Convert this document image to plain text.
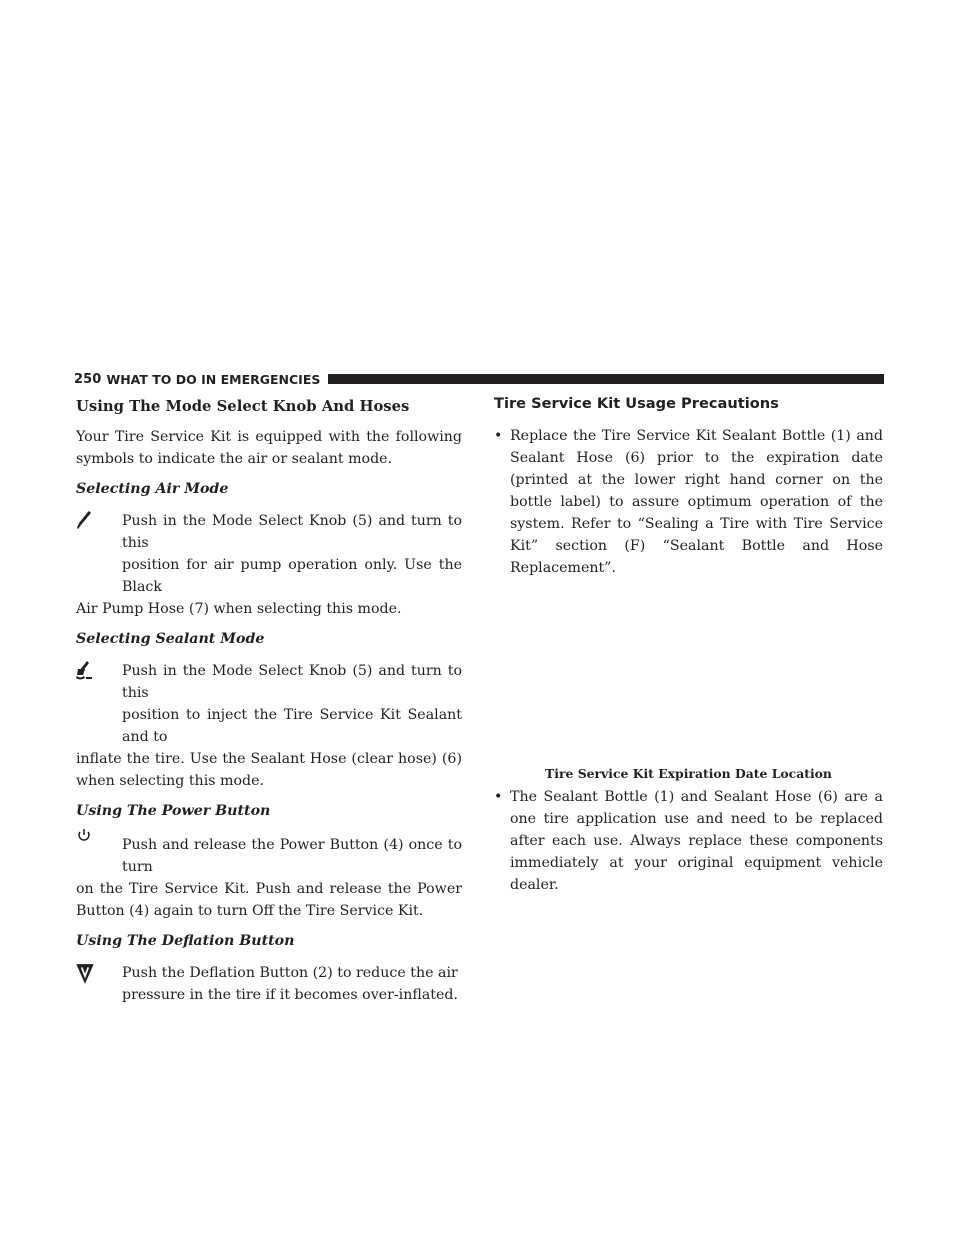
250 WHAT TO DO IN EMERGENCIES

Using The Mode Select Knob And Hoses

Your Tire Service Kit is equipped with the following symbols to indicate the air or sealant mode.

Selecting Air Mode

Push in the Mode Select Knob (5) and turn to this
position for air pump operation only. Use the Black
Air Pump Hose (7) when selecting this mode.

Selecting Sealant Mode

Push in the Mode Select Knob (5) and turn to this
position to inject the Tire Service Kit Sealant and to
inflate the tire. Use the Sealant Hose (clear hose) (6) when selecting this mode.

Using The Power Button

Push and release the Power Button (4) once to turn
on the Tire Service Kit. Push and release the Power Button (4) again to turn Off the Tire Service Kit.

Using The Deflation Button

Push the Deflation Button (2) to reduce the air
pressure in the tire if it becomes over-inflated.

Tire Service Kit Usage Precautions

• Replace the Tire Service Kit Sealant Bottle (1) and Sealant Hose (6) prior to the expiration date (printed at the lower right hand corner on the bottle label) to assure optimum operation of the system. Refer to “Sealing a Tire with Tire Service Kit” section (F) “Sealant Bottle and Hose Replacement”.
Tire Service Kit Expiration Date Location
• The Sealant Bottle (1) and Sealant Hose (6) are a one tire application use and need to be replaced after each use. Always replace these components immediately at your original equipment vehicle dealer.
